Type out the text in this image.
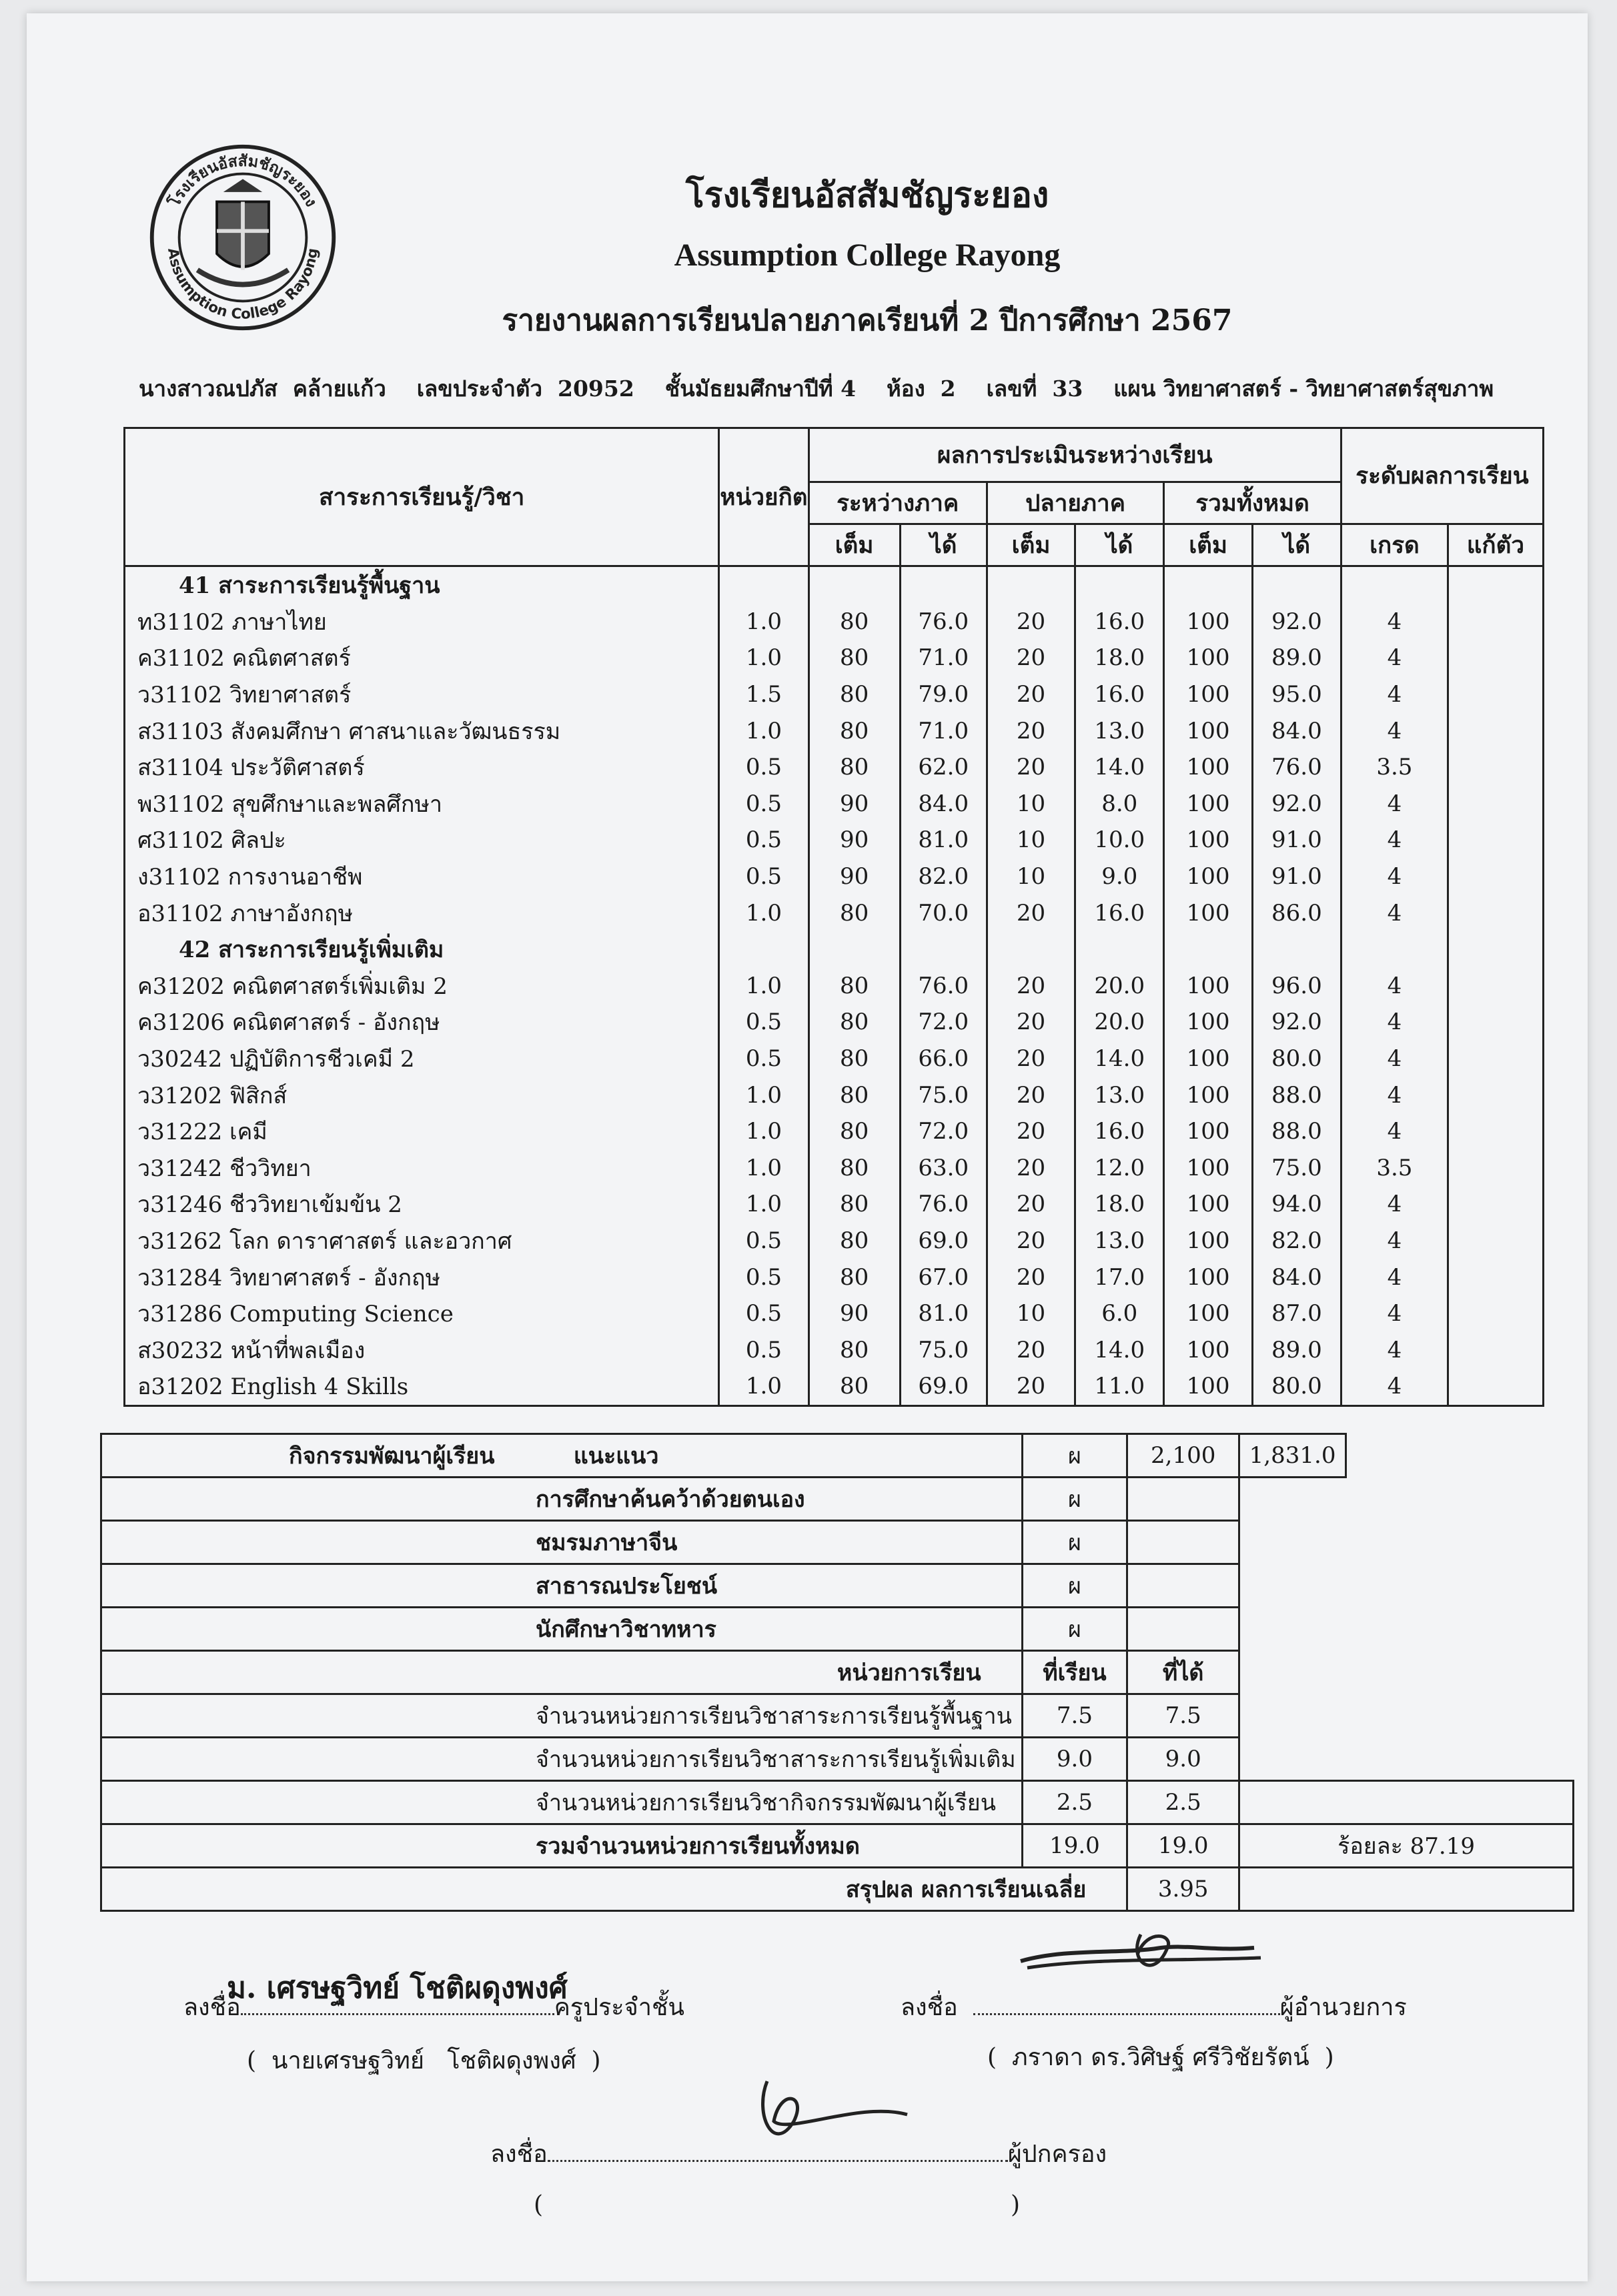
โรงเรียนอัสสัมชัญระยอง
Assumption College Rayong
โรงเรียนอัสสัมชัญระยอง
Assumption College Rayong
รายงานผลการเรียนปลายภาคเรียนที่ 2 ปีการศึกษา 2567
นางสาวณปภัส  คล้ายแก้ว    เลขประจำตัว  20952    ชั้นมัธยมศึกษาปีที่ 4    ห้อง  2    เลขที่  33    แผน วิทยาศาสตร์ - วิทยาศาสตร์สุขภาพ
สาระการเรียนรู้/วิชา	หน่วยกิต	ผลการประเมินระหว่างเรียน						ระดับผลการเรียน	
		ระหว่างภาค		ปลายภาค		รวมทั้งหมด			
		เต็ม	ได้	เต็ม	ได้	เต็ม	ได้	เกรด	แก้ตัว
41 สาระการเรียนรู้พื้นฐาน									
ท31102 ภาษาไทย	1.0	80	76.0	20	16.0	100	92.0	4	
ค31102 คณิตศาสตร์	1.0	80	71.0	20	18.0	100	89.0	4	
ว31102 วิทยาศาสตร์	1.5	80	79.0	20	16.0	100	95.0	4	
ส31103 สังคมศึกษา ศาสนาและวัฒนธรรม	1.0	80	71.0	20	13.0	100	84.0	4	
ส31104 ประวัติศาสตร์	0.5	80	62.0	20	14.0	100	76.0	3.5	
พ31102 สุขศึกษาและพลศึกษา	0.5	90	84.0	10	8.0	100	92.0	4	
ศ31102 ศิลปะ	0.5	90	81.0	10	10.0	100	91.0	4	
ง31102 การงานอาชีพ	0.5	90	82.0	10	9.0	100	91.0	4	
อ31102 ภาษาอังกฤษ	1.0	80	70.0	20	16.0	100	86.0	4	
42 สาระการเรียนรู้เพิ่มเติม									
ค31202 คณิตศาสตร์เพิ่มเติม 2	1.0	80	76.0	20	20.0	100	96.0	4	
ค31206 คณิตศาสตร์ - อังกฤษ	0.5	80	72.0	20	20.0	100	92.0	4	
ว30242 ปฏิบัติการชีวเคมี 2	0.5	80	66.0	20	14.0	100	80.0	4	
ว31202 ฟิสิกส์	1.0	80	75.0	20	13.0	100	88.0	4	
ว31222 เคมี	1.0	80	72.0	20	16.0	100	88.0	4	
ว31242 ชีววิทยา	1.0	80	63.0	20	12.0	100	75.0	3.5	
ว31246 ชีววิทยาเข้มข้น 2	1.0	80	76.0	20	18.0	100	94.0	4	
ว31262 โลก ดาราศาสตร์ และอวกาศ	0.5	80	69.0	20	13.0	100	82.0	4	
ว31284 วิทยาศาสตร์ - อังกฤษ	0.5	80	67.0	20	17.0	100	84.0	4	
ว31286 Computing Science	0.5	90	81.0	10	6.0	100	87.0	4	
ส30232 หน้าที่พลเมือง	0.5	80	75.0	20	14.0	100	89.0	4	
อ31202 English 4 Skills	1.0	80	69.0	20	11.0	100	80.0	4	
กิจกรรมพัฒนาผู้เรียน แนะแนว	ผ	2,100	1,831.0	
การศึกษาค้นคว้าด้วยตนเอง	ผ			
ชมรมภาษาจีน	ผ			
สาธารณประโยชน์	ผ			
นักศึกษาวิชาทหาร	ผ			
หน่วยการเรียน	ที่เรียน	ที่ได้		
จำนวนหน่วยการเรียนวิชาสาระการเรียนรู้พื้นฐาน	7.5	7.5		
จำนวนหน่วยการเรียนวิชาสาระการเรียนรู้เพิ่มเติม	9.0	9.0		
จำนวนหน่วยการเรียนวิชากิจกรรมพัฒนาผู้เรียน	2.5	2.5		
รวมจำนวนหน่วยการเรียนทั้งหมด	19.0	19.0	ร้อยละ 87.19	
สรุปผล ผลการเรียนเฉลี่ย		3.95		
ม. เศรษฐวิทย์ โชติผดุงพงศ์
ลงชื่อ	ครูประจำชั้น
(  นายเศรษฐวิทย์   โชติผดุงพงศ์  )
ลงชื่อ	ผู้อำนวยการ
(  ภราดา ดร.วิศิษฐ์ ศรีวิชัยรัตน์  )
ลงชื่อ	ผู้ปกครอง
(	)
